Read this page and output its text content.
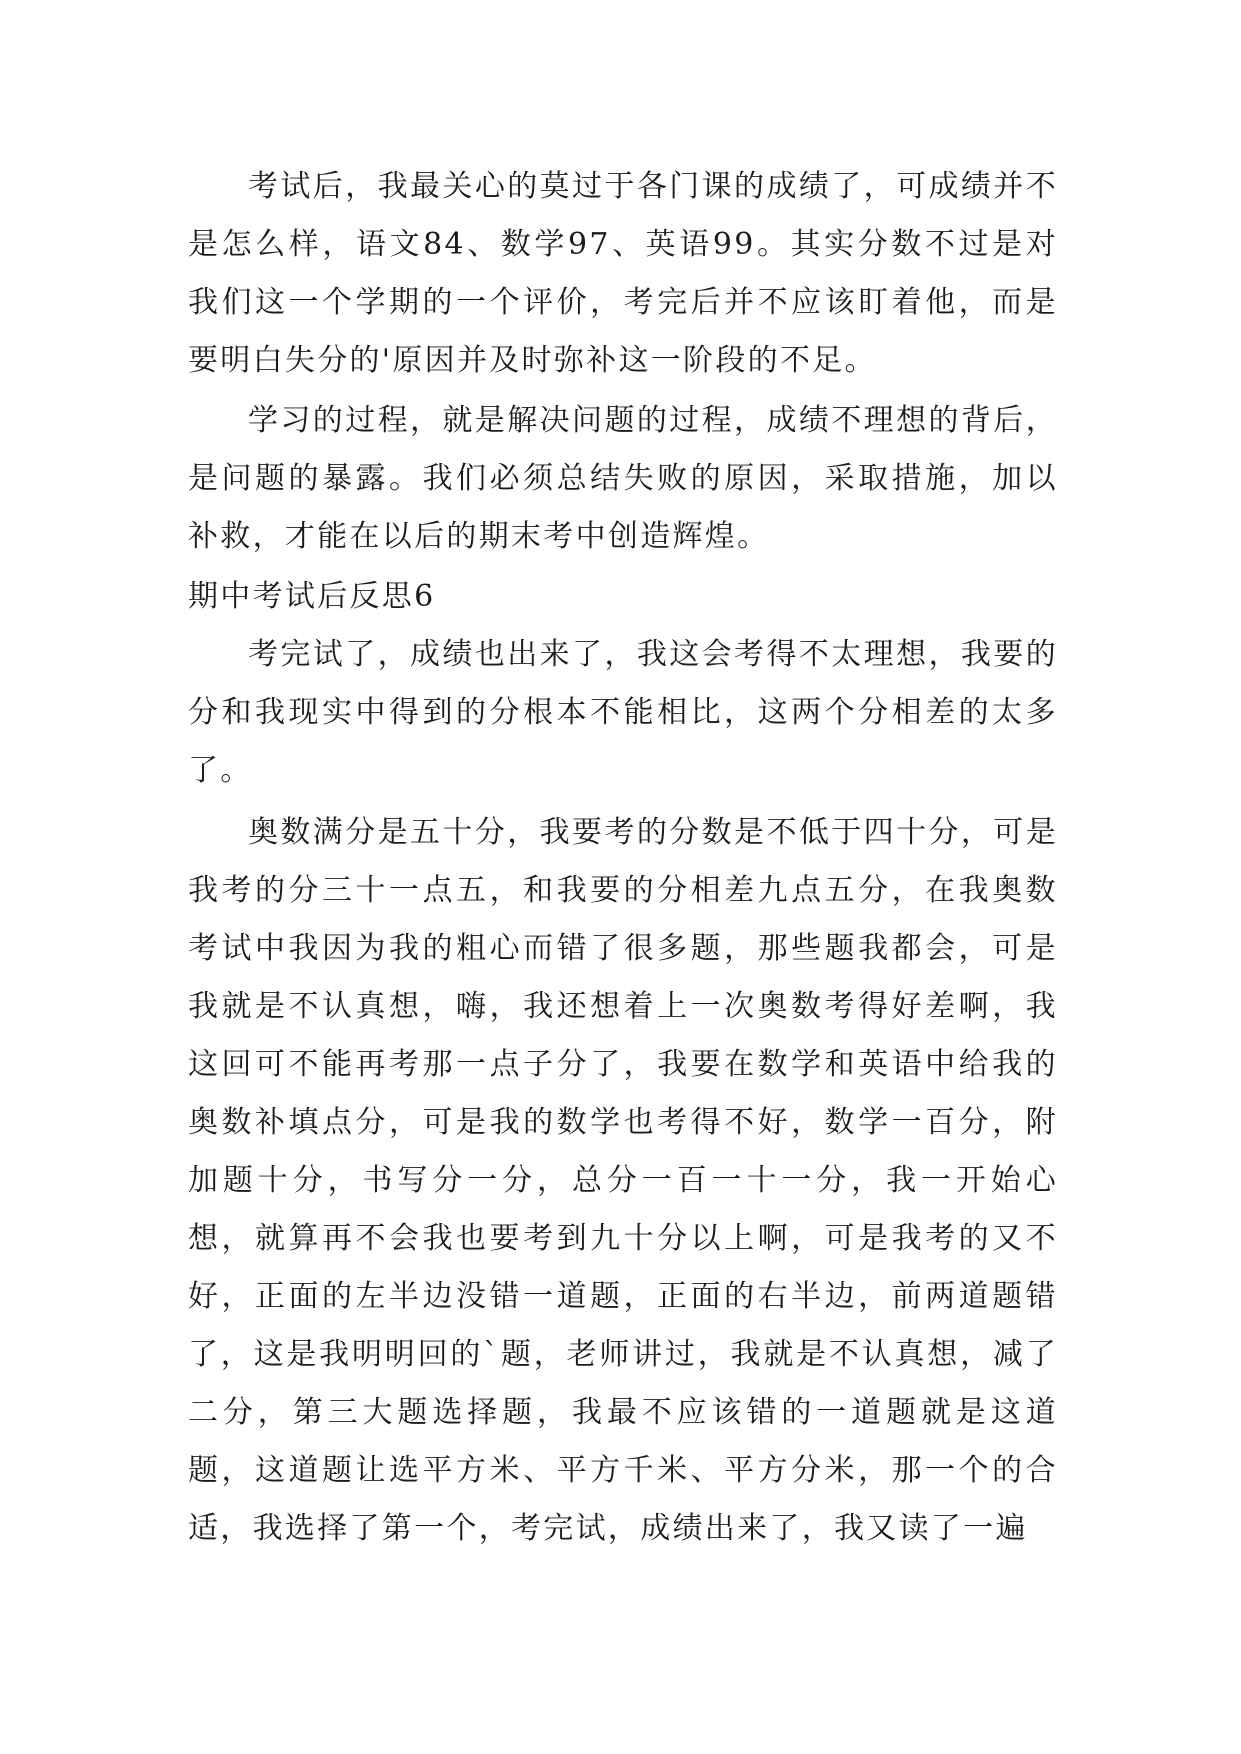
考试后，我最关心的莫过于各门课的成绩了，可成绩并不是怎么样，语文84、数学97、英语99。其实分数不过是对我们这一个学期的一个评价，考完后并不应该盯着他，而是要明白失分的'原因并及时弥补这一阶段的不足。

学习的过程，就是解决问题的过程，成绩不理想的背后，是问题的暴露。我们必须总结失败的原因，采取措施，加以补救，才能在以后的期末考中创造辉煌。

期中考试后反思6

考完试了，成绩也出来了，我这会考得不太理想，我要的分和我现实中得到的分根本不能相比，这两个分相差的太多了。

奥数满分是五十分，我要考的分数是不低于四十分，可是我考的分三十一点五，和我要的分相差九点五分，在我奥数考试中我因为我的粗心而错了很多题，那些题我都会，可是我就是不认真想，嗨，我还想着上一次奥数考得好差啊，我这回可不能再考那一点子分了，我要在数学和英语中给我的奥数补填点分，可是我的数学也考得不好，数学一百分，附加题十分，书写分一分，总分一百一十一分，我一开始心想，就算再不会我也要考到九十分以上啊，可是我考的又不好，正面的左半边没错一道题，正面的右半边，前两道题错了，这是我明明回的`题，老师讲过，我就是不认真想，减了二分，第三大题选择题，我最不应该错的一道题就是这道题，这道题让选平方米、平方千米、平方分米，那一个的合适，我选择了第一个，考完试，成绩出来了，我又读了一遍
